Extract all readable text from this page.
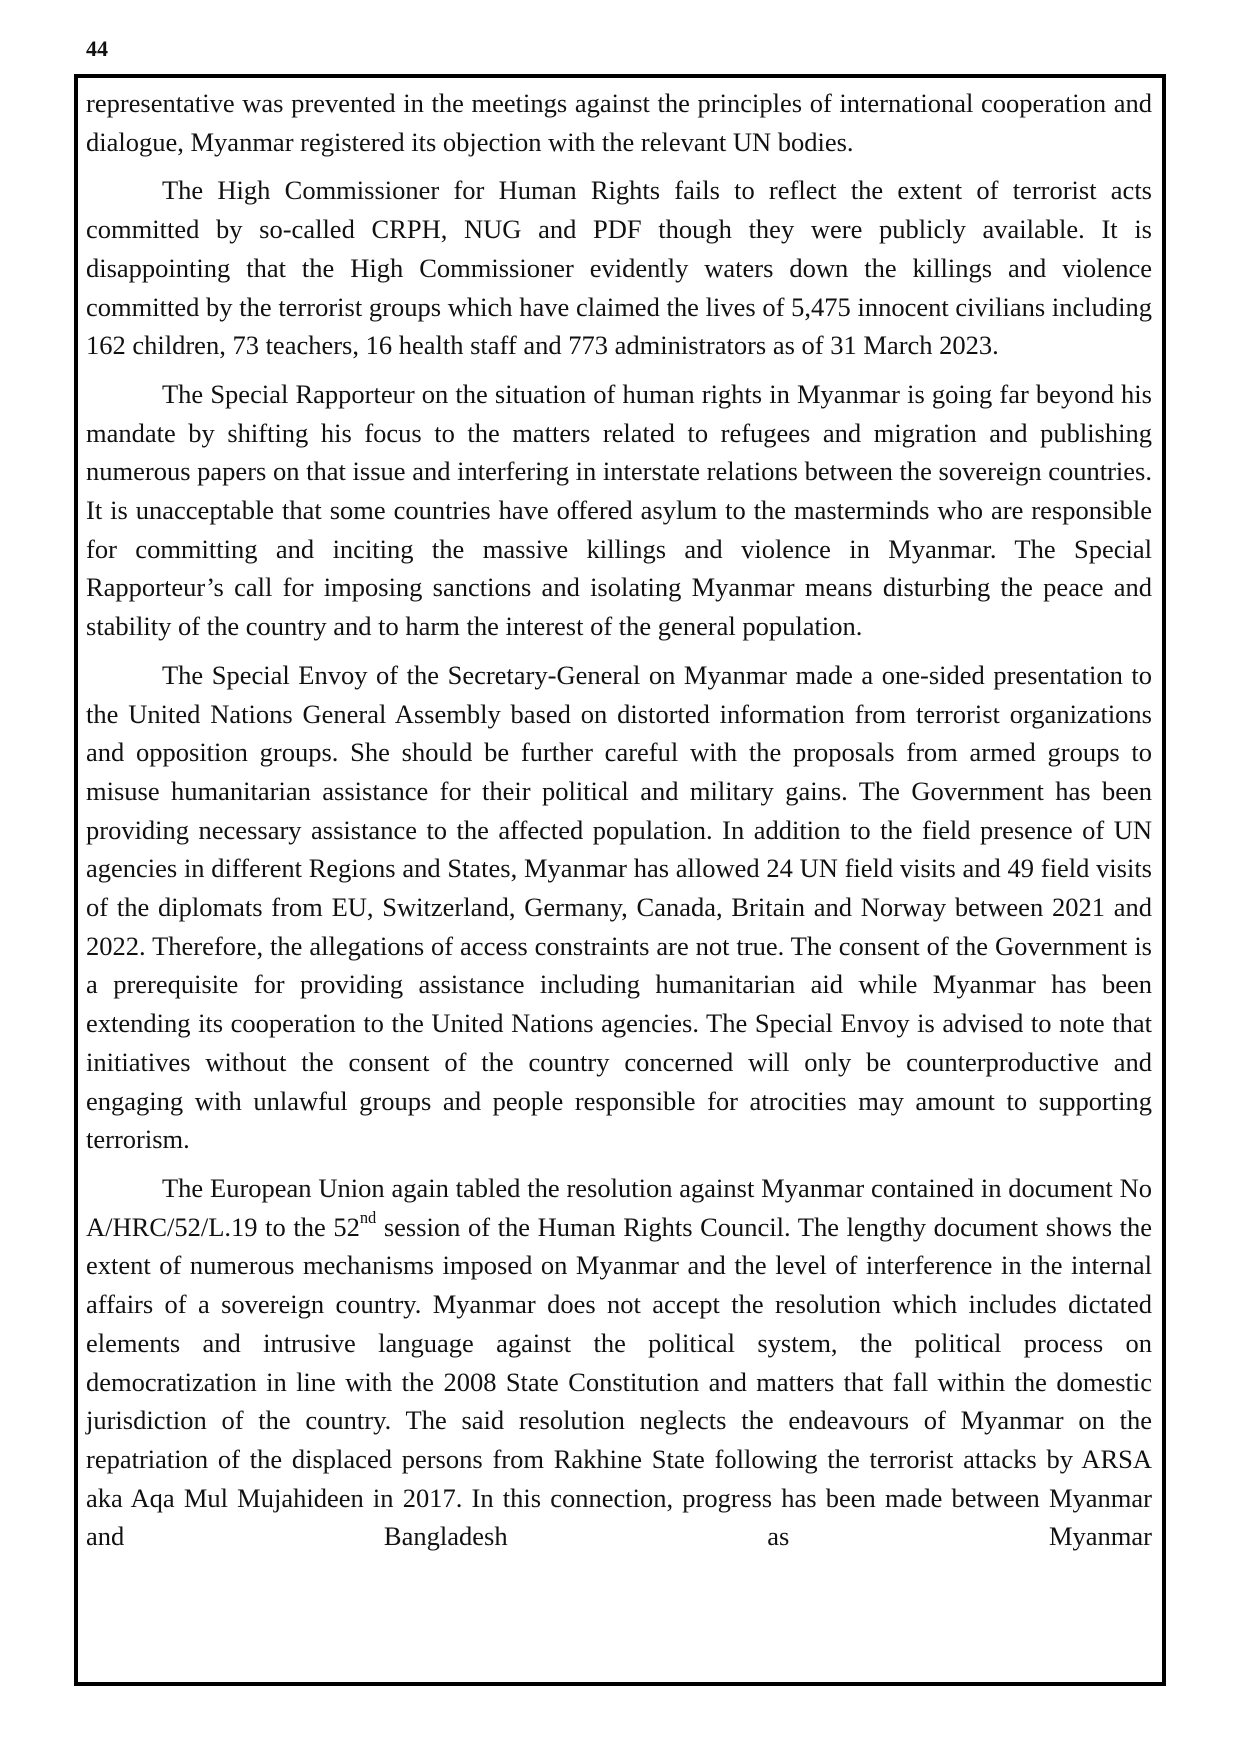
44

representative was prevented in the meetings against the principles of international cooperation and dialogue, Myanmar registered its objection with the relevant UN bodies.

The High Commissioner for Human Rights fails to reflect the extent of terrorist acts committed by so-called CRPH, NUG and PDF though they were publicly available. It is disappointing that the High Commissioner evidently waters down the killings and violence committed by the terrorist groups which have claimed the lives of 5,475 innocent civilians including 162 children, 73 teachers, 16 health staff and 773 administrators as of 31 March 2023.

The Special Rapporteur on the situation of human rights in Myanmar is going far beyond his mandate by shifting his focus to the matters related to refugees and migration and publishing numerous papers on that issue and interfering in interstate relations between the sovereign countries. It is unacceptable that some countries have offered asylum to the masterminds who are responsible for committing and inciting the massive killings and violence in Myanmar. The Special Rapporteur’s call for imposing sanctions and isolating Myanmar means disturbing the peace and stability of the country and to harm the interest of the general population.

The Special Envoy of the Secretary-General on Myanmar made a one-sided presentation to the United Nations General Assembly based on distorted information from terrorist organizations and opposition groups. She should be further careful with the proposals from armed groups to misuse humanitarian assistance for their political and military gains. The Government has been providing necessary assistance to the affected population. In addition to the field presence of UN agencies in different Regions and States, Myanmar has allowed 24 UN field visits and 49 field visits of the diplomats from EU, Switzerland, Germany, Canada, Britain and Norway between 2021 and 2022. Therefore, the allegations of access constraints are not true. The consent of the Government is a prerequisite for providing assistance including humanitarian aid while Myanmar has been extending its cooperation to the United Nations agencies. The Special Envoy is advised to note that initiatives without the consent of the country concerned will only be counterproductive and engaging with unlawful groups and people responsible for atrocities may amount to supporting terrorism.

The European Union again tabled the resolution against Myanmar contained in document No A/HRC/52/L.19 to the 52nd session of the Human Rights Council. The lengthy document shows the extent of numerous mechanisms imposed on Myanmar and the level of interference in the internal affairs of a sovereign country. Myanmar does not accept the resolution which includes dictated elements and intrusive language against the political system, the political process on democratization in line with the 2008 State Constitution and matters that fall within the domestic jurisdiction of the country. The said resolution neglects the endeavours of Myanmar on the repatriation of the displaced persons from Rakhine State following the terrorist attacks by ARSA aka Aqa Mul Mujahideen in 2017. In this connection, progress has been made between Myanmar and Bangladesh as Myanmar
